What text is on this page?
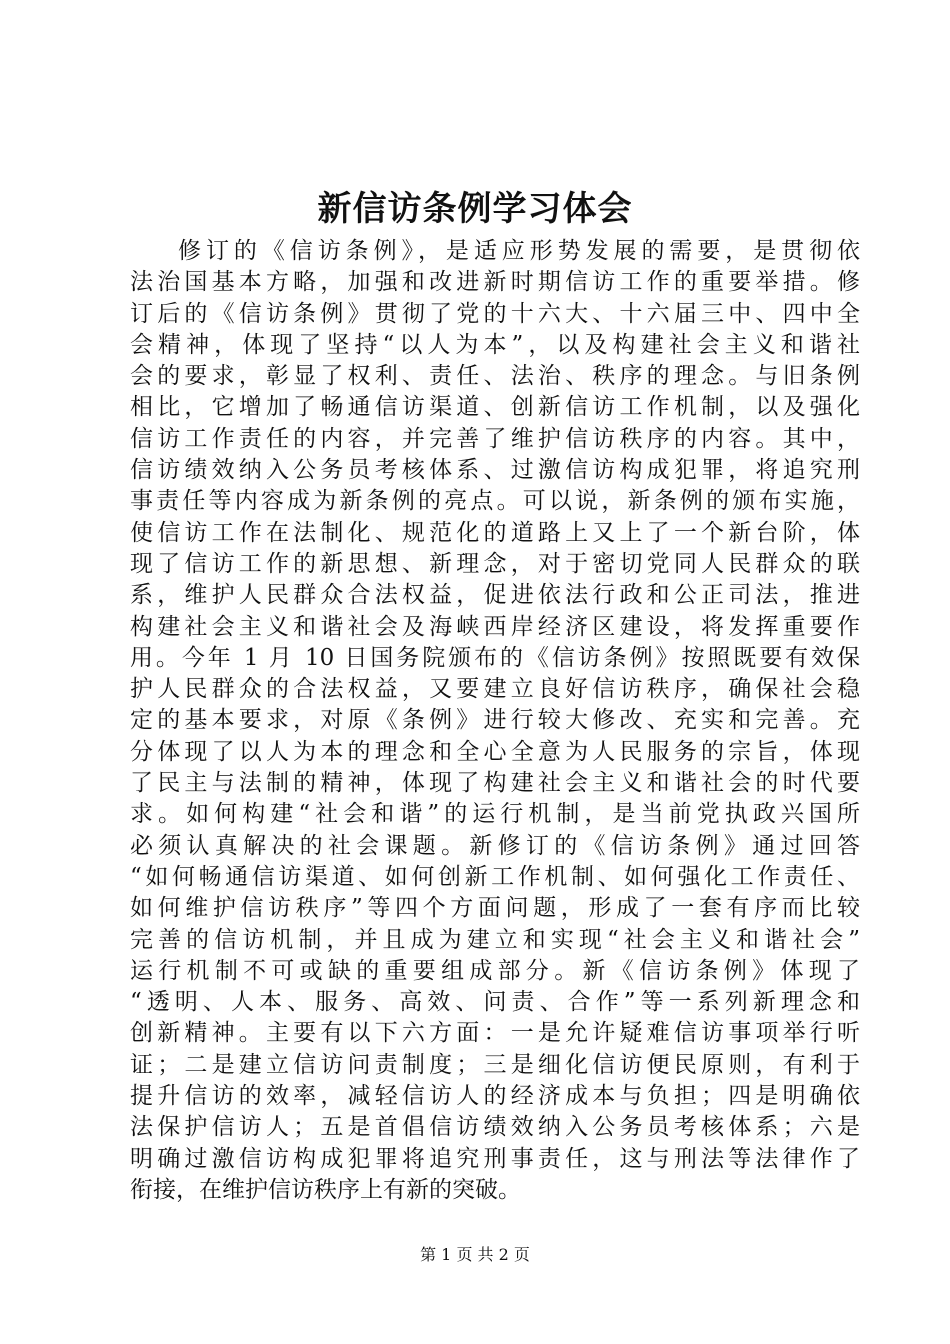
新信访条例学习体会
修订的《信访条例》，是适应形势发展的需要，是贯彻依
法治国基本方略，加强和改进新时期信访工作的重要举措。修
订后的《信访条例》贯彻了党的十六大、十六届三中、四中全
会精神，体现了坚持“以人为本”，以及构建社会主义和谐社
会的要求，彰显了权利、责任、法治、秩序的理念。与旧条例
相比，它增加了畅通信访渠道、创新信访工作机制，以及强化
信访工作责任的内容，并完善了维护信访秩序的内容。其中，
信访绩效纳入公务员考核体系、过激信访构成犯罪，将追究刑
事责任等内容成为新条例的亮点。可以说，新条例的颁布实施，
使信访工作在法制化、规范化的道路上又上了一个新台阶，体
现了信访工作的新思想、新理念，对于密切党同人民群众的联
系，维护人民群众合法权益，促进依法行政和公正司法，推进
构建社会主义和谐社会及海峡西岸经济区建设，将发挥重要作
用。今年 1 月 10 日国务院颁布的《信访条例》按照既要有效保
护人民群众的合法权益，又要建立良好信访秩序，确保社会稳
定的基本要求，对原《条例》进行较大修改、充实和完善。充
分体现了以人为本的理念和全心全意为人民服务的宗旨，体现
了民主与法制的精神，体现了构建社会主义和谐社会的时代要
求。如何构建“社会和谐”的运行机制，是当前党执政兴国所
必须认真解决的社会课题。新修订的《信访条例》通过回答
“如何畅通信访渠道、如何创新工作机制、如何强化工作责任、
如何维护信访秩序”等四个方面问题，形成了一套有序而比较
完善的信访机制，并且成为建立和实现“社会主义和谐社会”
运行机制不可或缺的重要组成部分。新《信访条例》体现了
“透明、人本、服务、高效、问责、合作”等一系列新理念和
创新精神。主要有以下六方面：一是允许疑难信访事项举行听
证；二是建立信访问责制度；三是细化信访便民原则，有利于
提升信访的效率，减轻信访人的经济成本与负担；四是明确依
法保护信访人；五是首倡信访绩效纳入公务员考核体系；六是
明确过激信访构成犯罪将追究刑事责任，这与刑法等法律作了
衔接，在维护信访秩序上有新的突破。
第 1 页 共 2 页
